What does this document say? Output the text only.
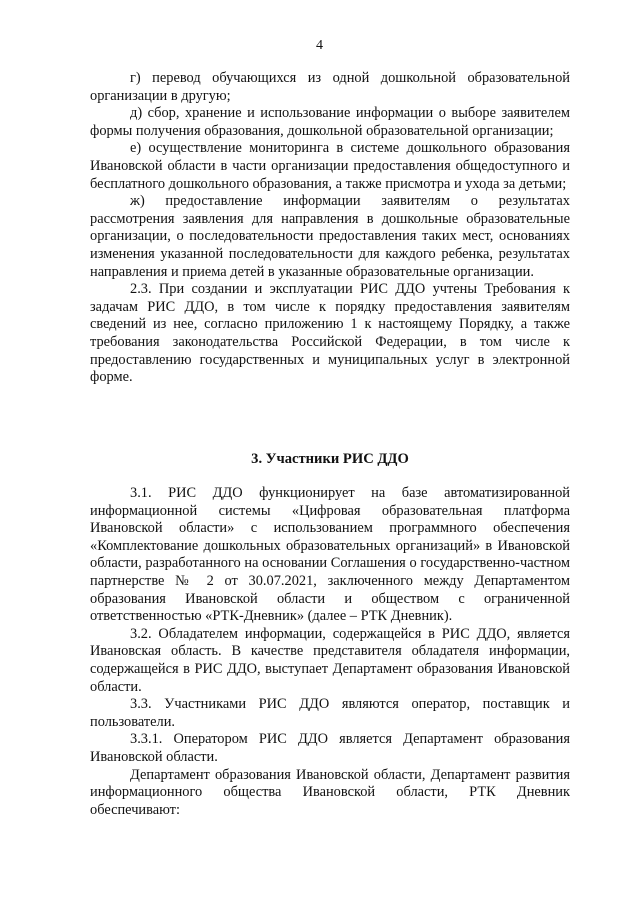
4

г) перевод обучающихся из одной дошкольной образовательной организации в другую;

д) сбор, хранение и использование информации о выборе заявителем формы получения образования, дошкольной образовательной организации;

е) осуществление мониторинга в системе дошкольного образования Ивановской области в части организации предоставления общедоступного и бесплатного дошкольного образования, а также присмотра и ухода за детьми;

ж) предоставление информации заявителям о результатах рассмотрения заявления для направления в дошкольные образовательные организации, о последовательности предоставления таких мест, основаниях изменения указанной последовательности для каждого ребенка, результатах направления и приема детей в указанные образовательные организации.

2.3. При создании и эксплуатации РИС ДДО учтены Требования к задачам РИС ДДО, в том числе к порядку предоставления заявителям сведений из нее, согласно приложению 1 к настоящему Порядку, а также требования законодательства Российской Федерации, в том числе к предоставлению государственных и муниципальных услуг в электронной форме.

3. Участники РИС ДДО

3.1. РИС ДДО функционирует на базе автоматизированной информационной системы «Цифровая образовательная платформа Ивановской области» с использованием программного обеспечения «Комплектование дошкольных образовательных организаций» в Ивановской области, разработанного на основании Соглашения о государственно-частном партнерстве № 2 от 30.07.2021, заключенного между Департаментом образования Ивановской области и обществом с ограниченной ответственностью «РТК-Дневник» (далее – РТК Дневник).

3.2. Обладателем информации, содержащейся в РИС ДДО, является Ивановская область. В качестве представителя обладателя информации, содержащейся в РИС ДДО, выступает Департамент образования Ивановской области.

3.3. Участниками РИС ДДО являются оператор, поставщик и пользователи.

3.3.1. Оператором РИС ДДО является Департамент образования Ивановской области.

Департамент образования Ивановской области, Департамент развития информационного общества Ивановской области, РТК Дневник обеспечивают:
